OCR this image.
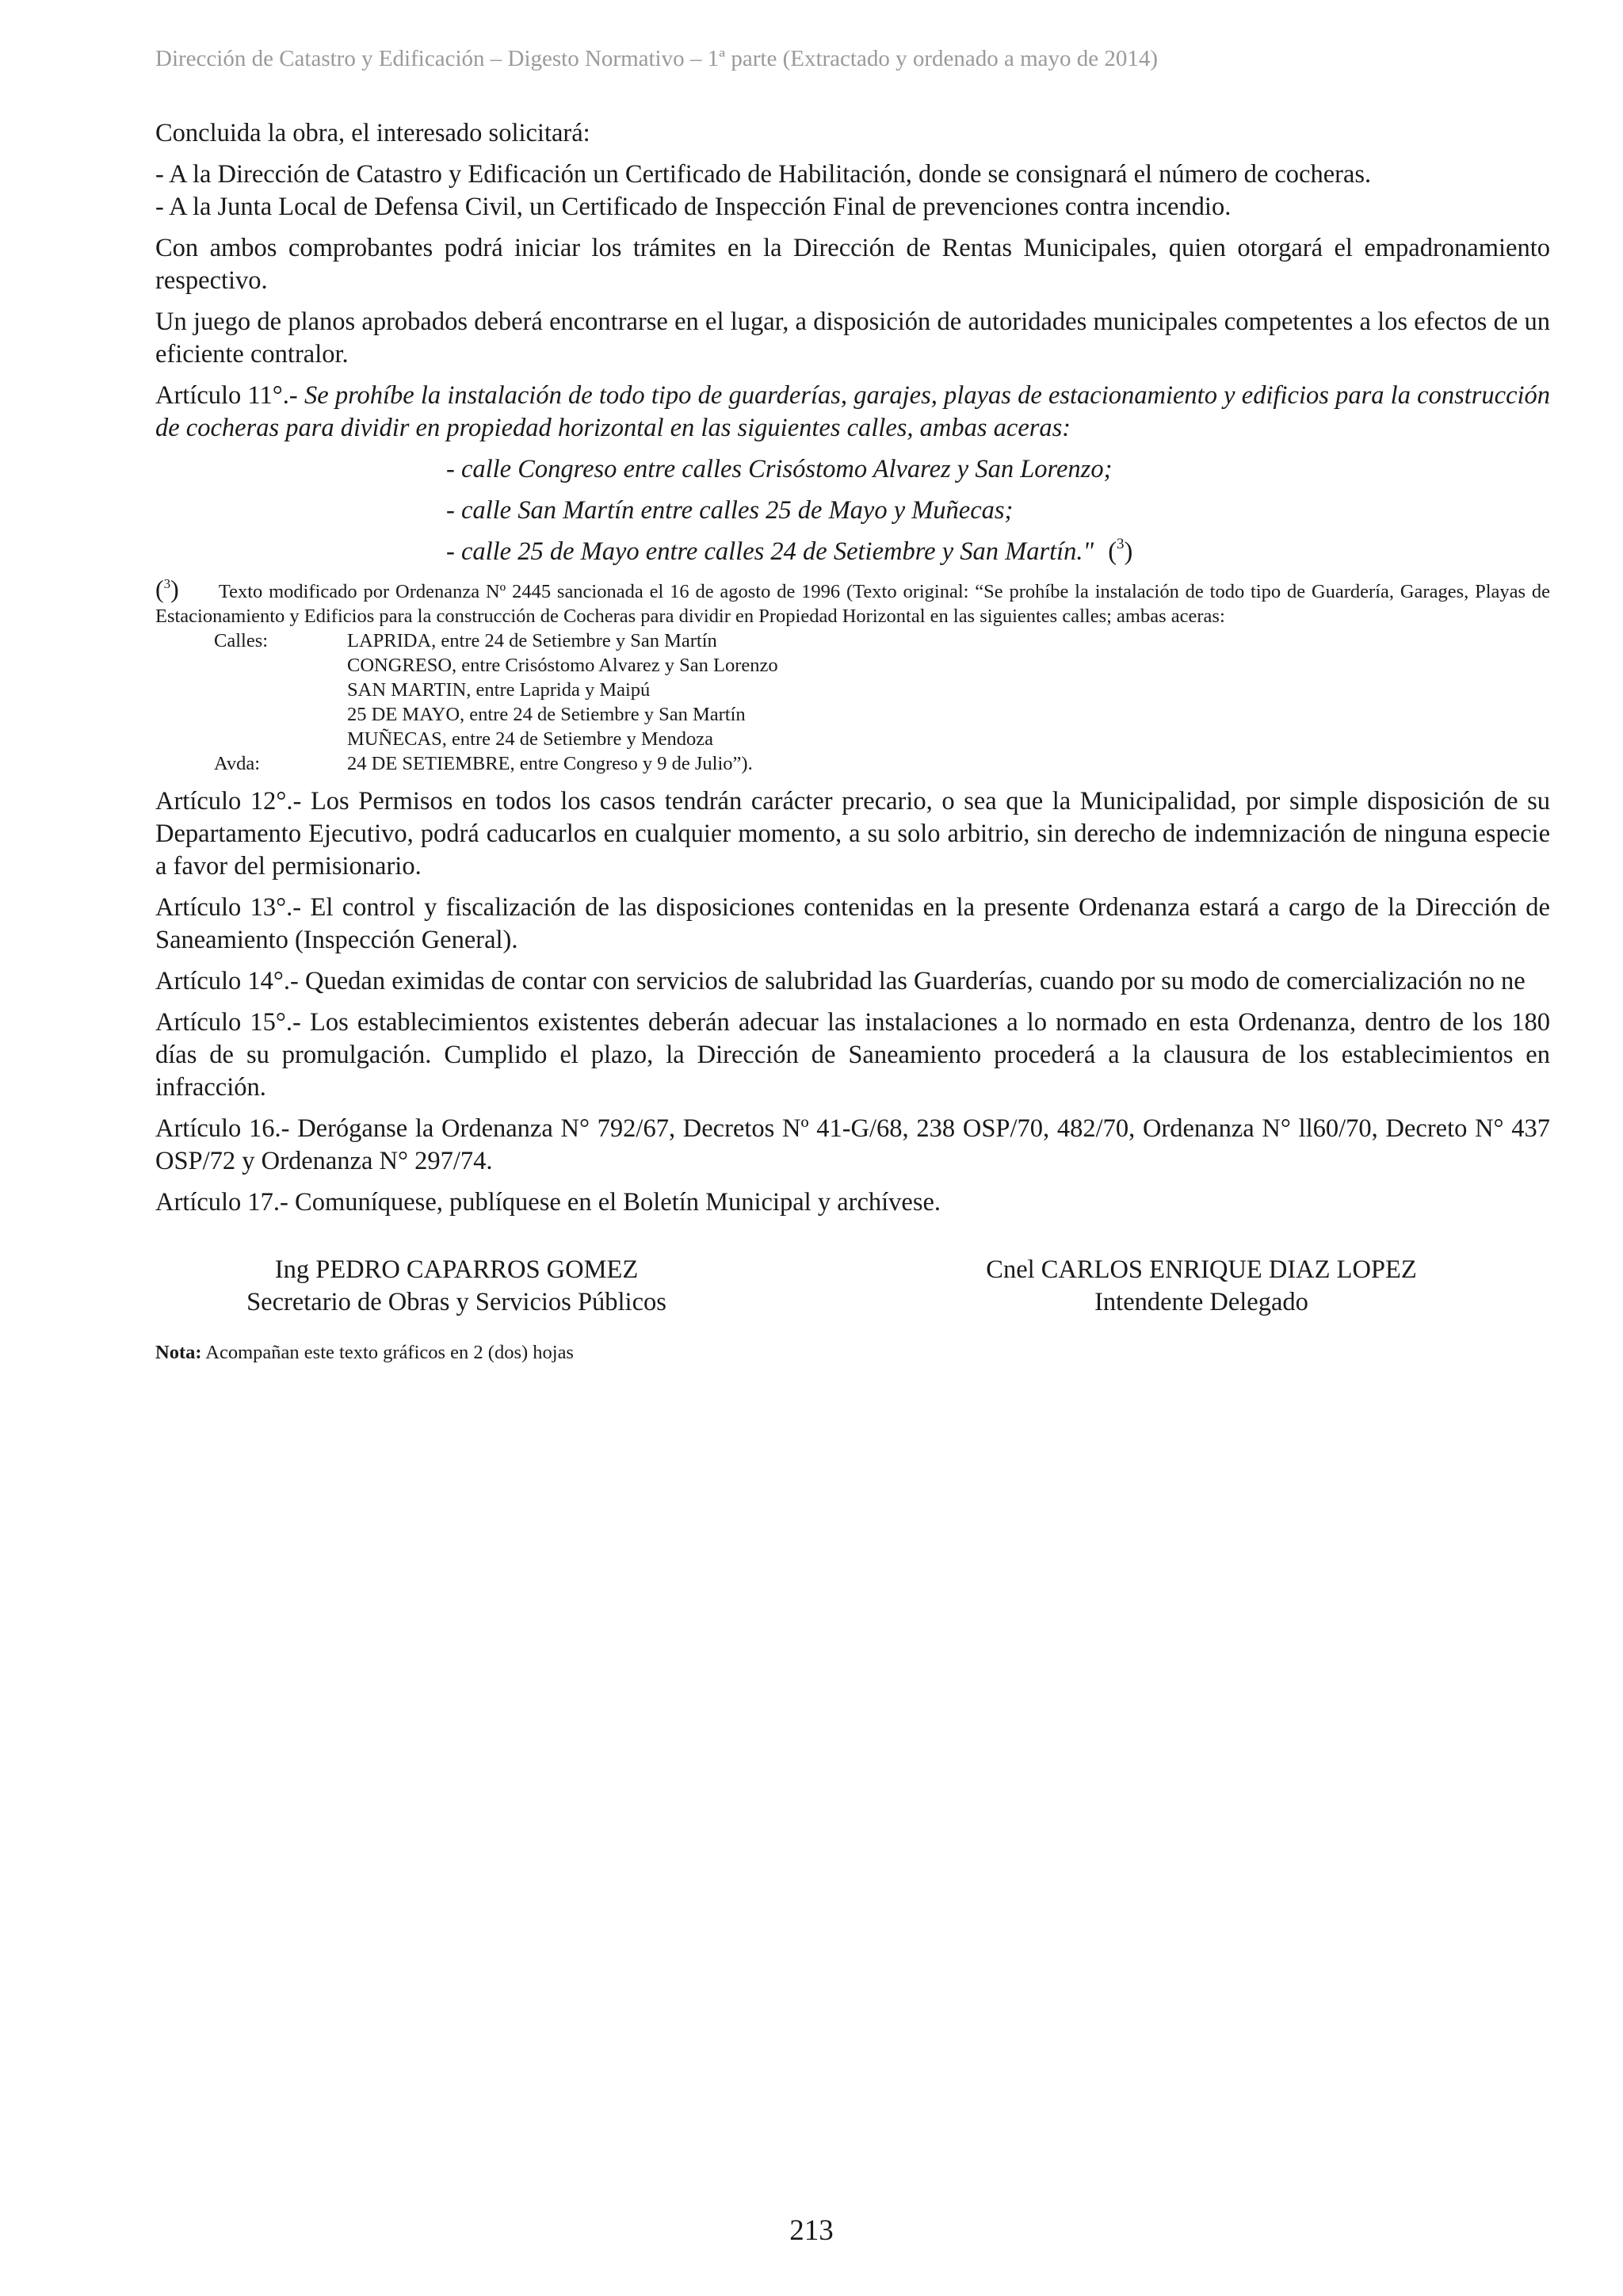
Dirección de Catastro y Edificación – Digesto Normativo – 1ª parte (Extractado y ordenado a mayo de 2014)

Concluida la obra, el interesado solicitará:

- A la Dirección de Catastro y Edificación un Certificado de Habilitación, donde se consignará el número de cocheras.

- A la Junta Local de Defensa Civil, un Certificado de Inspección Final de prevenciones contra incendio.

Con ambos comprobantes podrá iniciar los trámites en la Dirección de Rentas Municipales, quien otorgará el empadronamiento respectivo.

Un juego de planos aprobados deberá encontrarse en el lugar, a disposición de autoridades municipales competentes a los efectos de un eficiente contralor.

Artículo 11°.- Se prohíbe la instalación de todo tipo de guarderías, garajes, playas de estacionamiento y edificios para la construcción de cocheras para dividir en propiedad horizontal en las siguientes calles, ambas aceras:

- calle Congreso entre calles Crisóstomo Alvarez y San Lorenzo;
- calle San Martín entre calles 25 de Mayo y Muñecas;
- calle 25 de Mayo entre calles 24 de Setiembre y San Martín." ($^3$)
($^3$) Texto modificado por Ordenanza Nº 2445 sancionada el 16 de agosto de 1996 (Texto original: “Se prohíbe la instalación de todo tipo de Guardería, Garages, Playas de Estacionamiento y Edificios para la construcción de Cocheras para dividir en Propiedad Horizontal en las siguientes calles; ambas aceras:
Calles:	LAPRIDA, entre 24 de Setiembre y San Martín
CONGRESO, entre Crisóstomo Alvarez y San Lorenzo
SAN MARTIN, entre Laprida y Maipú
25 DE MAYO, entre 24 de Setiembre y San Martín
MUÑECAS, entre 24 de Setiembre y Mendoza
Avda:	24 DE SETIEMBRE, entre Congreso y 9 de Julio”).

Artículo 12°.- Los Permisos en todos los casos tendrán carácter precario, o sea que la Municipalidad, por simple disposición de su Departamento Ejecutivo, podrá caducarlos en cualquier momento, a su solo arbitrio, sin derecho de indemnización de ninguna especie a favor del permisionario.

Artículo 13°.- El control y fiscalización de las disposiciones contenidas en la presente Ordenanza estará a cargo de la Dirección de Saneamiento (Inspección General).

Artículo 14°.- Quedan eximidas de contar con servicios de salubridad las Guarderías, cuando por su modo de comercialización no ne

Artículo 15°.- Los establecimientos existentes deberán adecuar las instalaciones a lo normado en esta Ordenanza, dentro de los 180 días de su promulgación. Cumplido el plazo, la Dirección de Saneamiento procederá a la clausura de los establecimientos en infracción.

Artículo 16.- Deróganse la Ordenanza N° 792/67, Decretos Nº 41-G/68, 238 OSP/70, 482/70, Ordenanza N° ll60/70, Decreto N° 437 OSP/72 y Ordenanza N° 297/74.

Artículo 17.- Comuníquese, publíquese en el Boletín Municipal y archívese.

Ing PEDRO CAPARROS GOMEZ
Secretario de Obras y Servicios Públicos
Cnel CARLOS ENRIQUE DIAZ LOPEZ
Intendente Delegado
Nota: Acompañan este texto gráficos en 2 (dos) hojas
213
